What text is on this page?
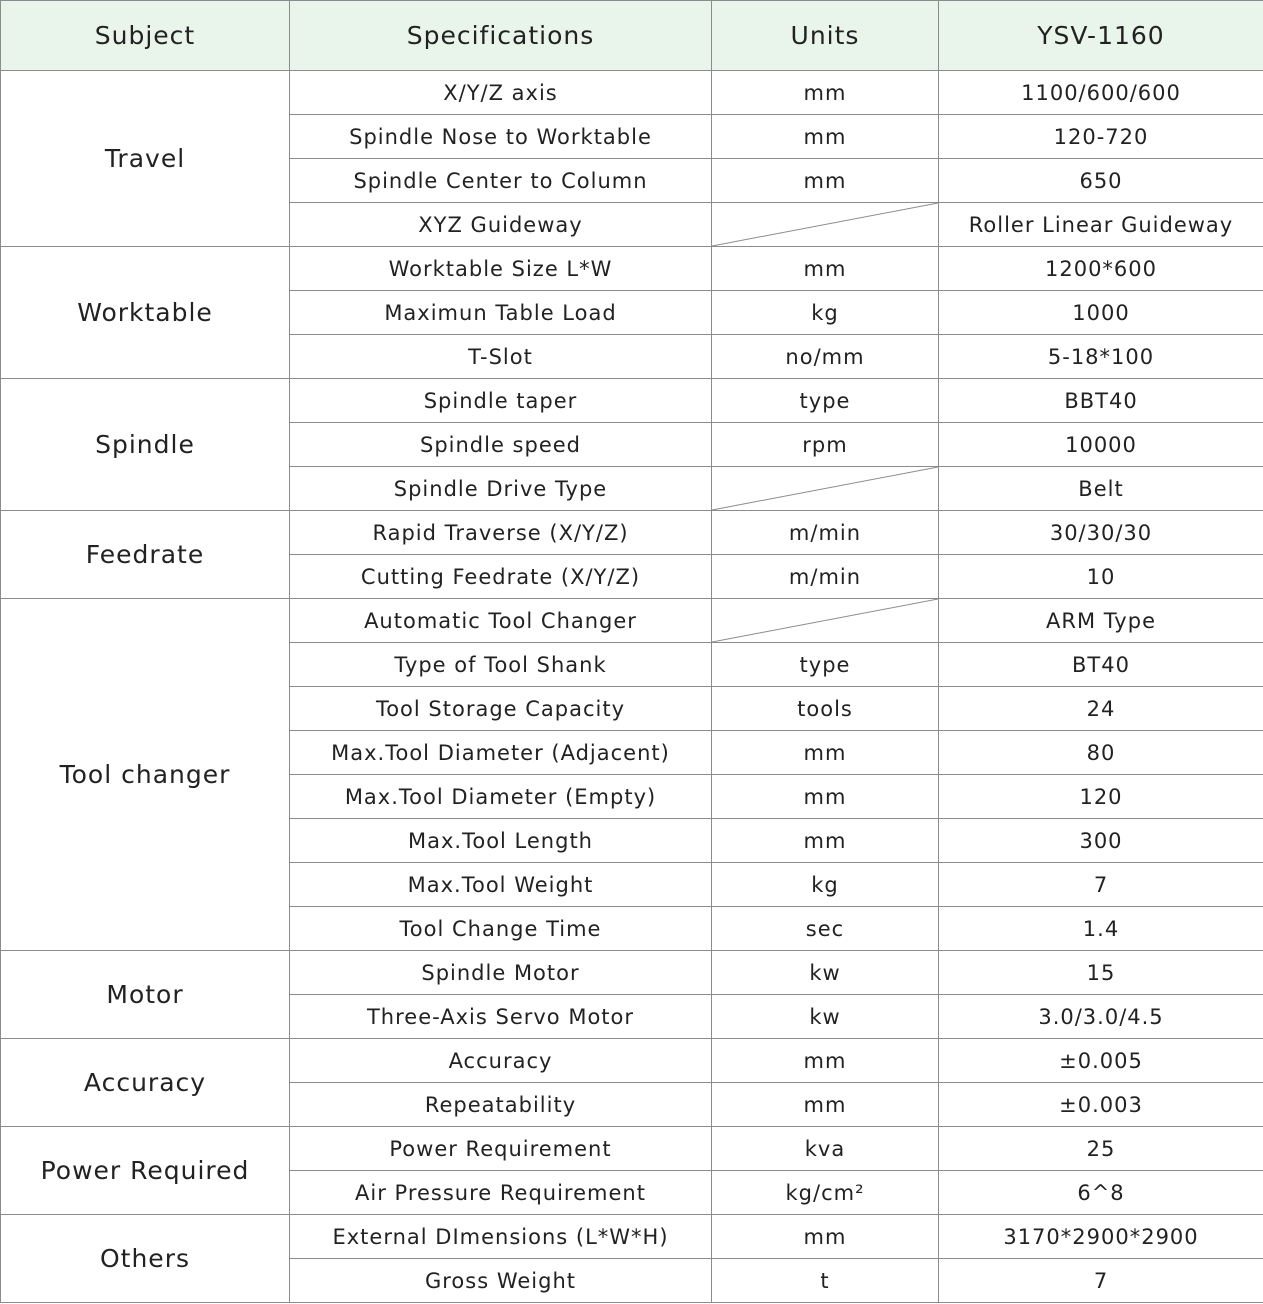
Subject	Specifications	Units	YSV-1160
Travel	X/Y/Z axis	mm	1100/600/600
	Spindle Nose to Worktable	mm	120-720
	Spindle Center to Column	mm	650
	XYZ Guideway		Roller Linear Guideway
Worktable	Worktable Size L*W	mm	1200*600
	Maximun Table Load	kg	1000
	T-Slot	no/mm	5-18*100
Spindle	Spindle taper	type	BBT40
	Spindle speed	rpm	10000
	Spindle Drive Type		Belt
Feedrate	Rapid Traverse (X/Y/Z)	m/min	30/30/30
	Cutting Feedrate (X/Y/Z)	m/min	10
Tool changer	Automatic Tool Changer		ARM Type
	Type of Tool Shank	type	BT40
	Tool Storage Capacity	tools	24
	Max.Tool Diameter (Adjacent)	mm	80
	Max.Tool Diameter (Empty)	mm	120
	Max.Tool Length	mm	300
	Max.Tool Weight	kg	7
	Tool Change Time	sec	1.4
Motor	Spindle Motor	kw	15
	Three-Axis Servo Motor	kw	3.0/3.0/4.5
Accuracy	Accuracy	mm	±0.005
	Repeatability	mm	±0.003
Power Required	Power Requirement	kva	25
	Air Pressure Requirement	kg/cm²	6^8
Others	External DImensions (L*W*H)	mm	3170*2900*2900
	Gross Weight	t	7
